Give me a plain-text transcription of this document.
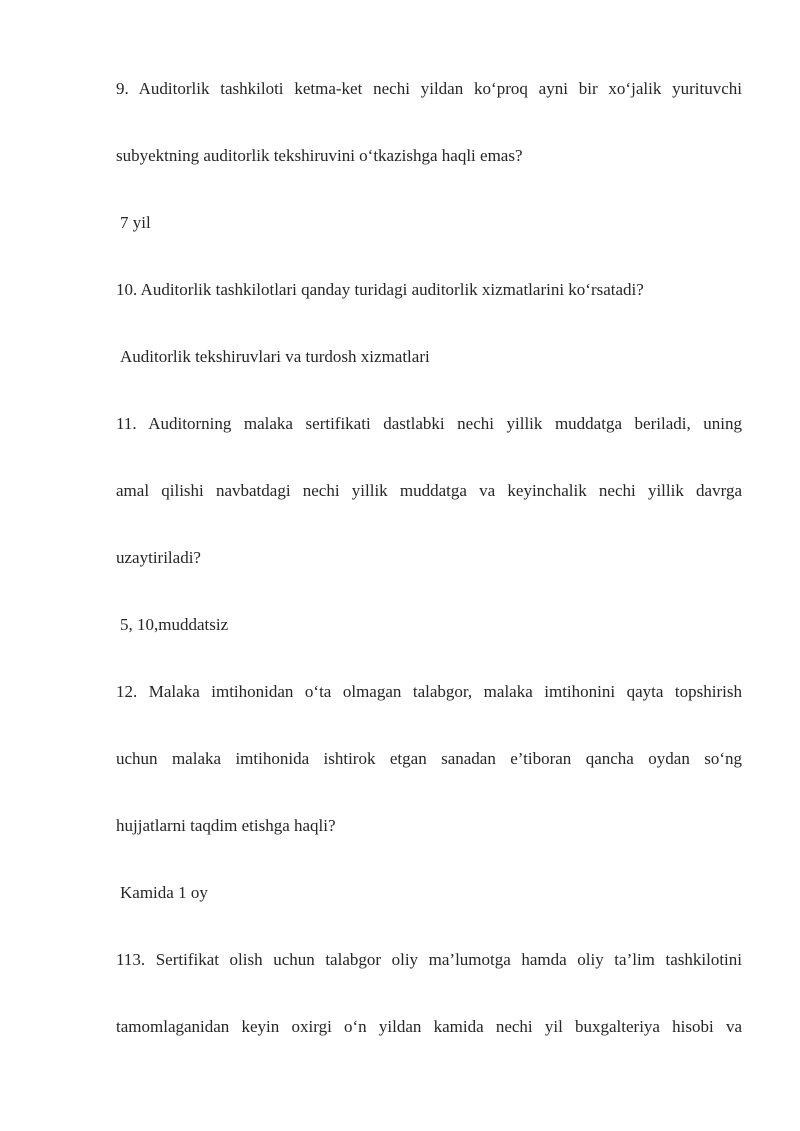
9. Auditorlik tashkiloti ketma-ket nechi yildan ko‘proq ayni bir xo‘jalik yurituvchi

subyektning auditorlik tekshiruvini o‘tkazishga haqli emas?

7 yil

10. Auditorlik tashkilotlari qanday turidagi auditorlik xizmatlarini ko‘rsatadi?

Auditorlik tekshiruvlari va turdosh xizmatlari

11. Auditorning malaka sertifikati dastlabki nechi yillik muddatga beriladi, uning

amal qilishi navbatdagi nechi yillik muddatga va keyinchalik nechi yillik davrga

uzaytiriladi?

5, 10,muddatsiz

12. Malaka imtihonidan o‘ta olmagan talabgor, malaka imtihonini qayta topshirish

uchun malaka imtihonida ishtirok etgan sanadan e’tiboran qancha oydan so‘ng

hujjatlarni taqdim etishga haqli?

Kamida 1 oy

113. Sertifikat olish uchun talabgor oliy ma’lumotga hamda oliy ta’lim tashkilotini

tamomlaganidan keyin oxirgi o‘n yildan kamida nechi yil buxgalteriya hisobi va
